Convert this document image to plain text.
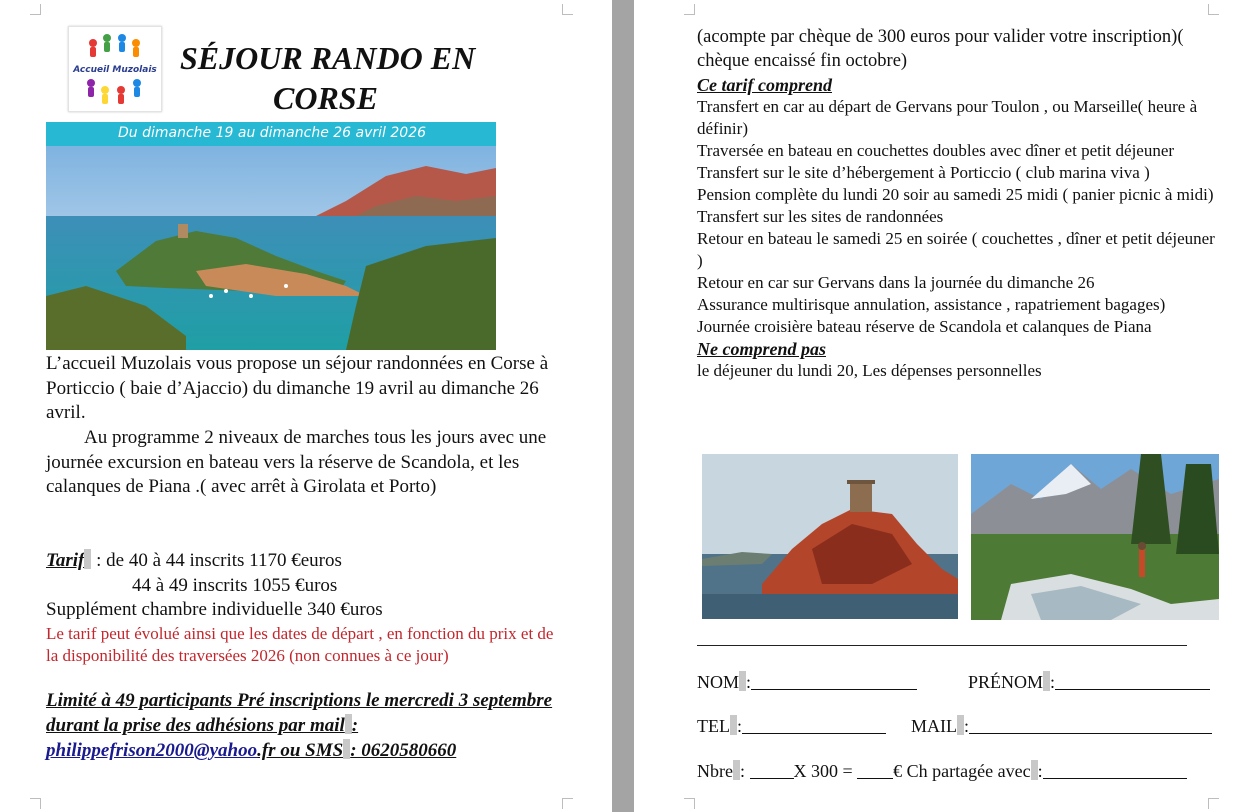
Accueil Muzolais SÉJOUR RANDO EN
CORSE
Du dimanche 19 au dimanche 26 avril 2026
L’accueil Muzolais vous propose un séjour randonnées en Corse à Porticcio ( baie d’Ajaccio) du dimanche 19 avril au dimanche 26 avril.
Au programme 2 niveaux de marches tous les jours avec une journée excursion en bateau vers la réserve de Scandola, et les calanques de Piana .( avec arrêt à Girolata et Porto)
Tarif : de 40 à 44 inscrits 1170 €euros
44 à 49 inscrits 1055 €uros
Supplément chambre individuelle 340 €uros
Le tarif peut évolué ainsi que les dates de départ , en fonction du prix et de la disponibilité des traversées 2026 (non connues à ce jour)
Limité à 49 participants Pré inscriptions le mercredi 3 septembre durant la prise des adhésions par mail :
philippefrison2000@yahoo.fr ou SMS : 0620580660
(acompte par chèque de 300 euros pour valider votre inscription)( chèque encaissé fin octobre)
Ce tarif comprend
Transfert en car au départ de Gervans pour Toulon , ou Marseille( heure à définir)
Traversée en bateau en couchettes doubles avec dîner et petit déjeuner
Transfert sur le site d’hébergement à Porticcio ( club marina viva )
Pension complète du lundi 20 soir au samedi 25 midi ( panier picnic à midi)
Transfert sur les sites de randonnées
Retour en bateau le samedi 25 en soirée ( couchettes , dîner et petit déjeuner )
Retour en car sur Gervans dans la journée du dimanche 26
Assurance multirisque annulation, assistance , rapatriement bagages)
Journée croisière bateau réserve de Scandola et calanques de Piana
Ne comprend pas
le déjeuner du lundi 20, Les dépenses personnelles
NOM :	PRÉNOM :
TEL :	MAIL :
Nbre :	X 300 = € Ch partagée avec :
